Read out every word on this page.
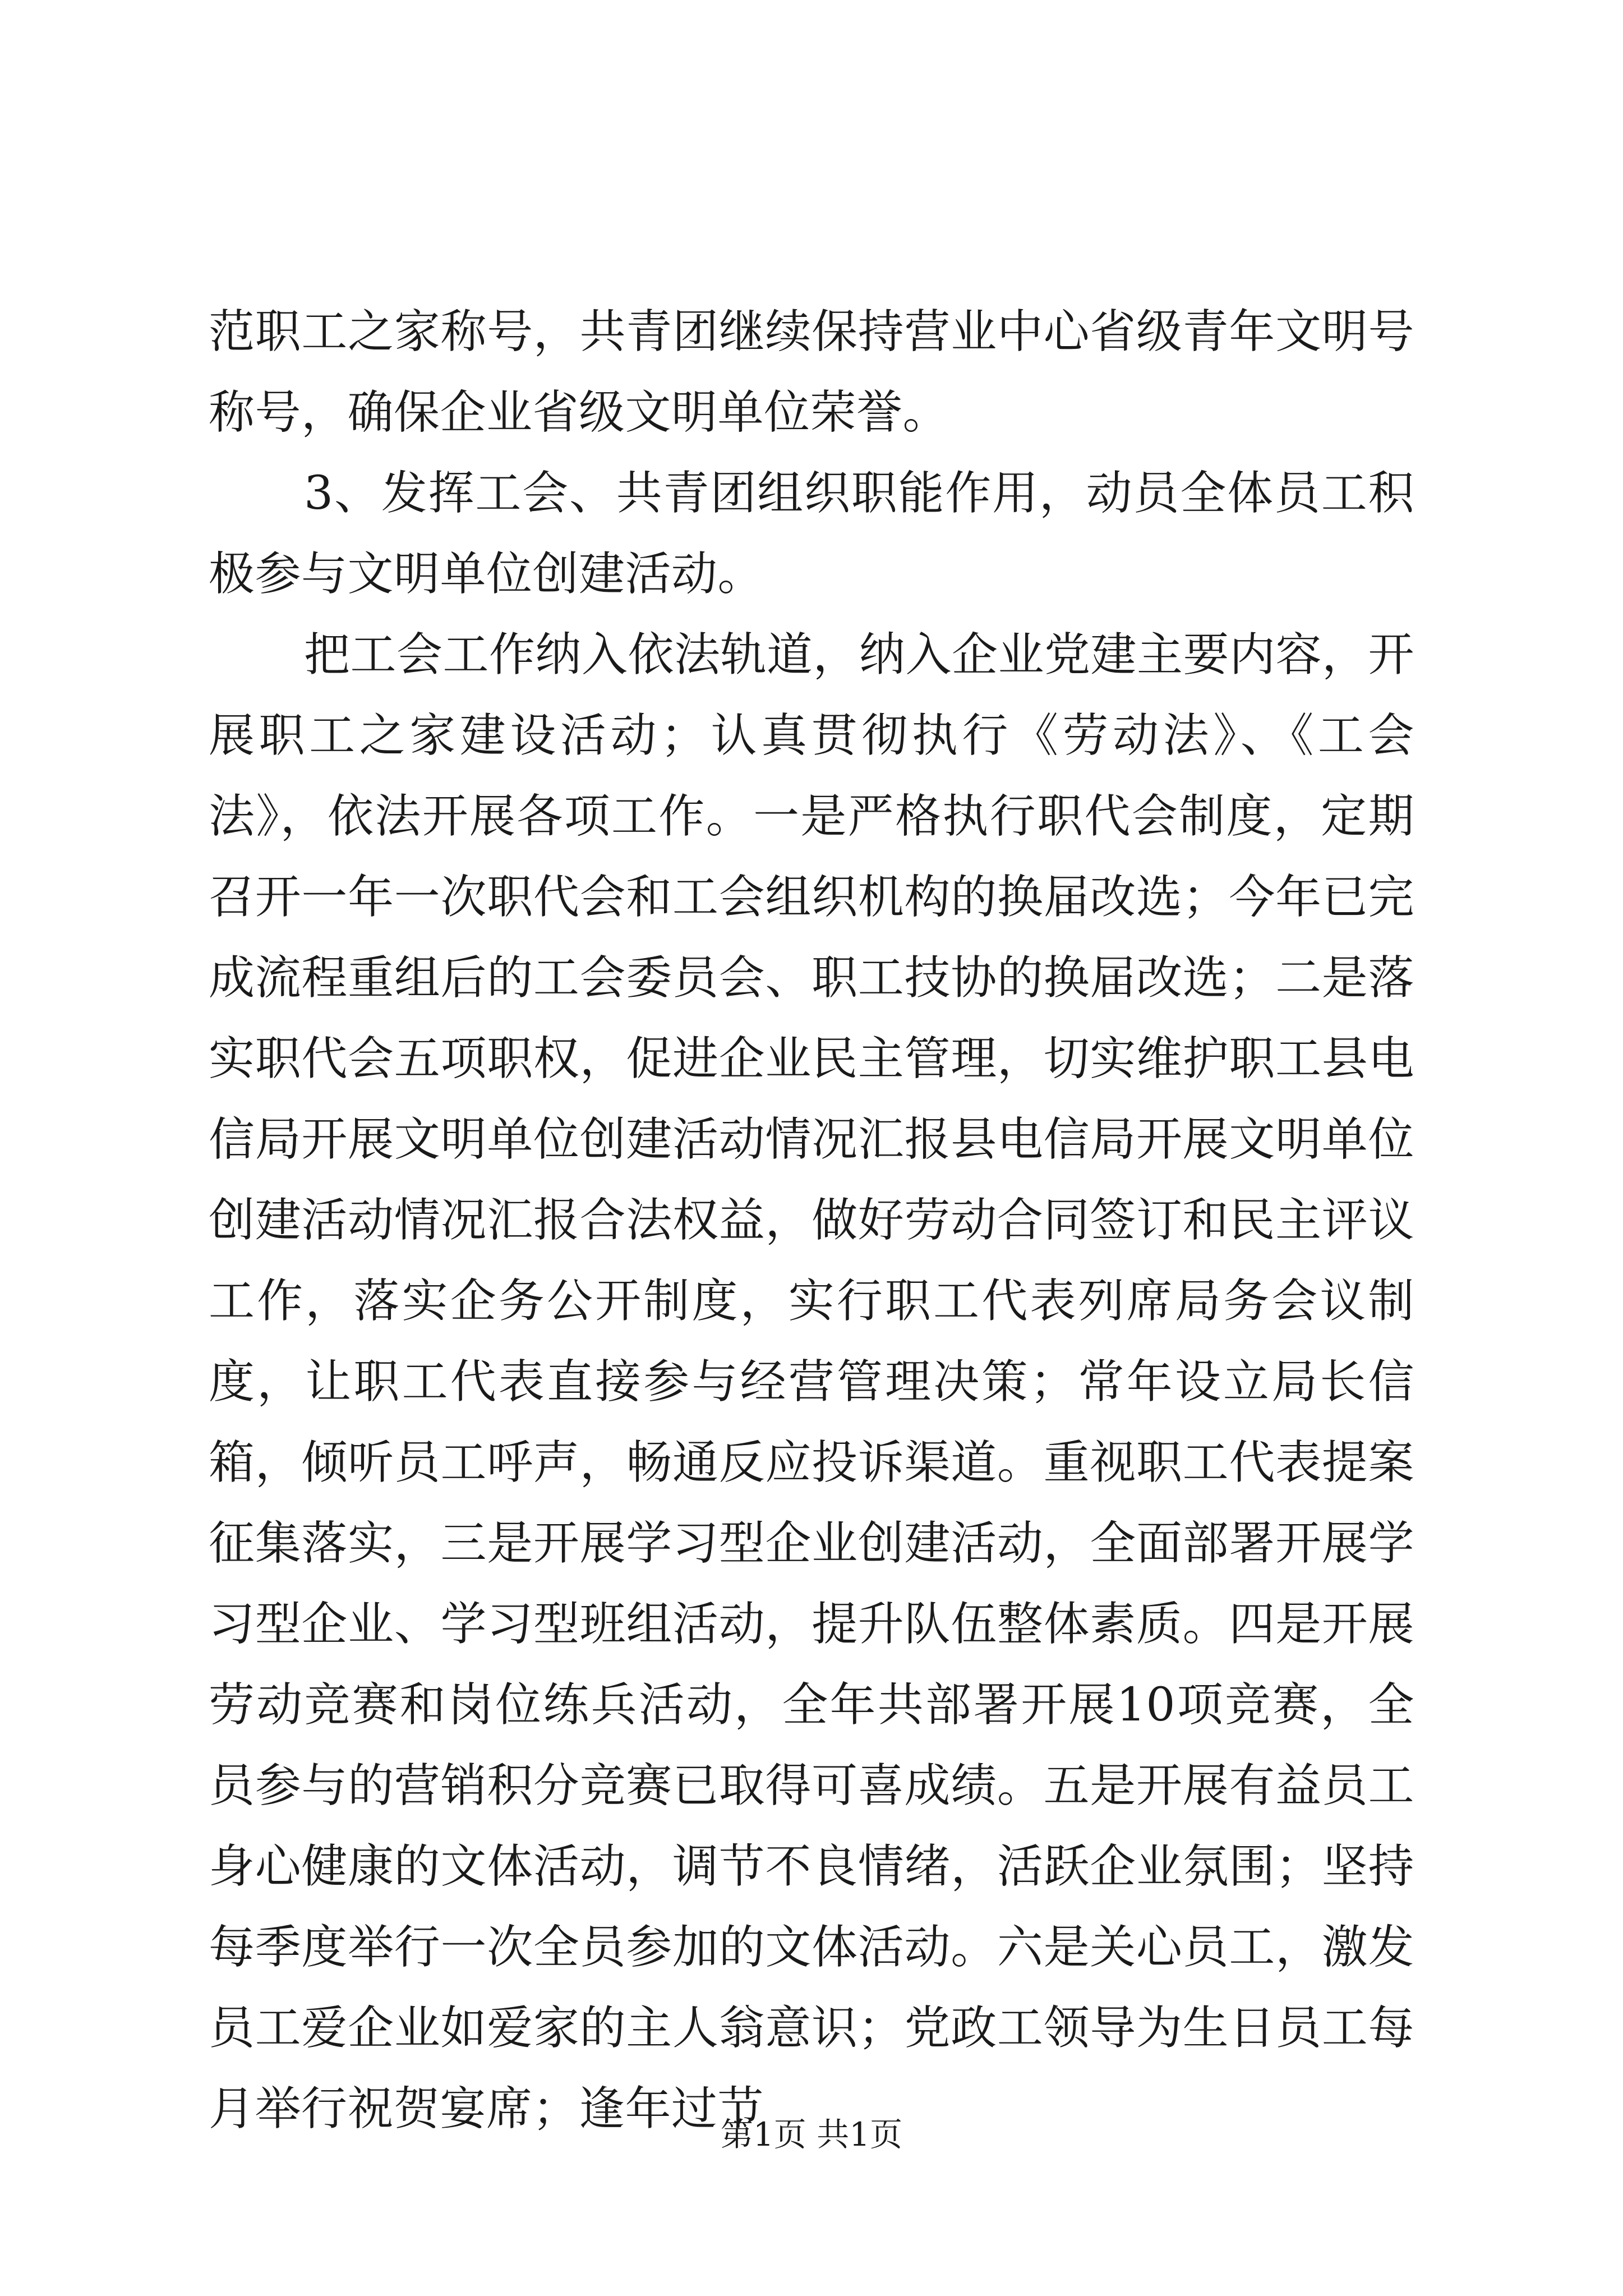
范职工之家称号，共青团继续保持营业中心省级青年文明号称号，确保企业省级文明单位荣誉。

3、发挥工会、共青团组织职能作用，动员全体员工积极参与文明单位创建活动。

把工会工作纳入依法轨道，纳入企业党建主要内容，开展职工之家建设活动；认真贯彻执行《劳动法》、《工会法》，依法开展各项工作。一是严格执行职代会制度，定期召开一年一次职代会和工会组织机构的换届改选；今年已完成流程重组后的工会委员会、职工技协的换届改选；二是落实职代会五项职权，促进企业民主管理，切实维护职工县电信局开展文明单位创建活动情况汇报县电信局开展文明单位创建活动情况汇报合法权益，做好劳动合同签订和民主评议工作，落实企务公开制度，实行职工代表列席局务会议制度，让职工代表直接参与经营管理决策；常年设立局长信箱，倾听员工呼声，畅通反应投诉渠道。重视职工代表提案征集落实，三是开展学习型企业创建活动，全面部署开展学习型企业、学习型班组活动，提升队伍整体素质。四是开展劳动竞赛和岗位练兵活动，全年共部署开展10项竞赛，全员参与的营销积分竞赛已取得可喜成绩。五是开展有益员工身心健康的文体活动，调节不良情绪，活跃企业氛围；坚持每季度举行一次全员参加的文体活动。六是关心员工，激发员工爱企业如爱家的主人翁意识；党政工领导为生日员工每月举行祝贺宴席；逢年过节

第1页 共1页
